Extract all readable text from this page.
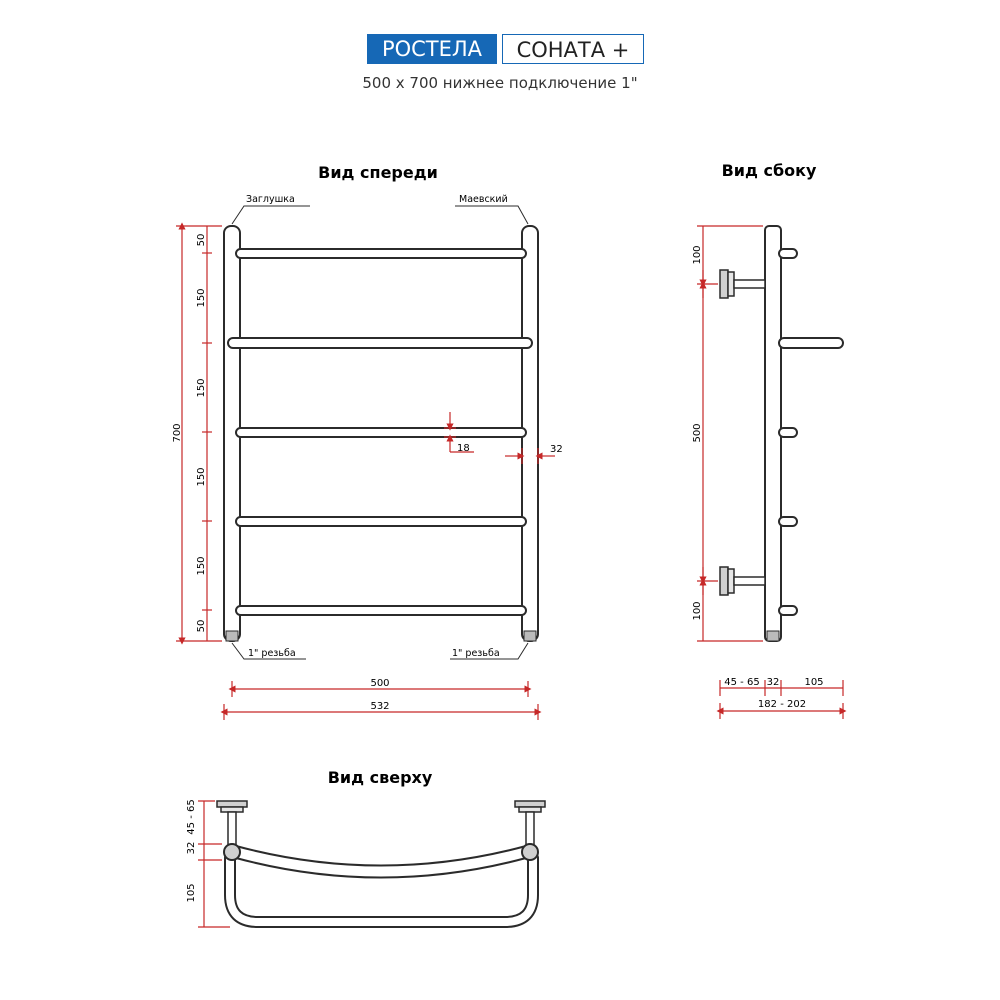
РОСТЕЛА	СОНАТА +
500 x 700 нижнее подключение 1"
Вид спереди
Заглушка	Маевский
1" резьба	1" резьба
700
50
150
150
150
150
50
18	32
500
532
Вид сбоку
100
500
100
45 - 65 32	105
182 - 202
Вид сверху
45 - 65
32
105
